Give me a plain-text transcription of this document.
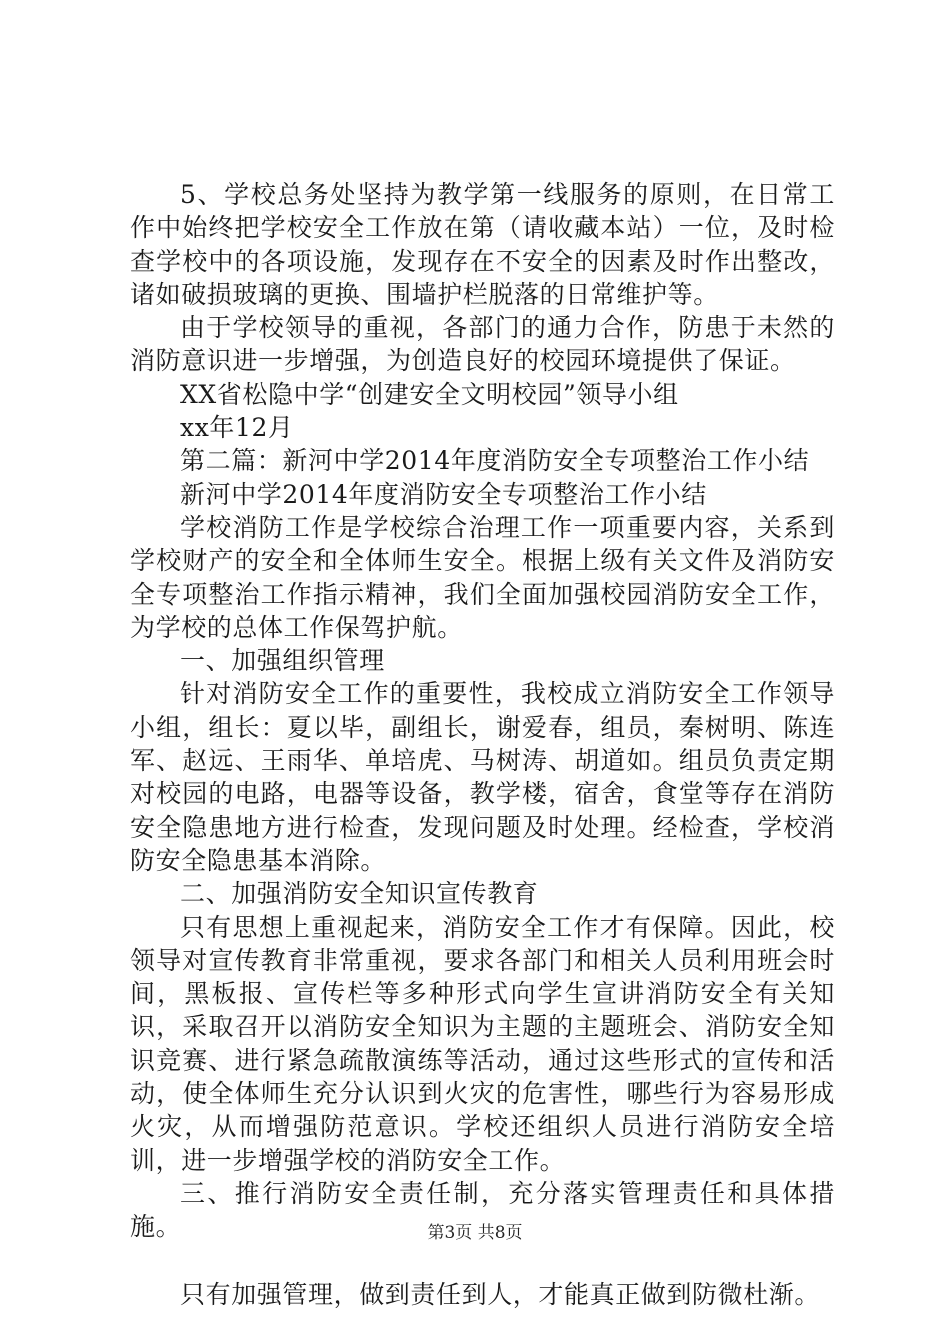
5、学校总务处坚持为教学第一线服务的原则，在日常工作中始终把学校安全工作放在第（请收藏本站）一位，及时检查学校中的各项设施，发现存在不安全的因素及时作出整改，诸如破损玻璃的更换、围墙护栏脱落的日常维护等。

由于学校领导的重视，各部门的通力合作，防患于未然的消防意识进一步增强，为创造良好的校园环境提供了保证。

XX省松隐中学“创建安全文明校园”领导小组

xx年12月

第二篇：新河中学2014年度消防安全专项整治工作小结

新河中学2014年度消防安全专项整治工作小结

学校消防工作是学校综合治理工作一项重要内容，关系到学校财产的安全和全体师生安全。根据上级有关文件及消防安全专项整治工作指示精神，我们全面加强校园消防安全工作，为学校的总体工作保驾护航。

一、加强组织管理

针对消防安全工作的重要性，我校成立消防安全工作领导小组，组长：夏以毕，副组长，谢爱春，组员，秦树明、陈连军、赵远、王雨华、单培虎、马树涛、胡道如。组员负责定期对校园的电路，电器等设备，教学楼，宿舍，食堂等存在消防安全隐患地方进行检查，发现问题及时处理。经检查，学校消防安全隐患基本消除。

二、加强消防安全知识宣传教育

只有思想上重视起来，消防安全工作才有保障。因此，校领导对宣传教育非常重视，要求各部门和相关人员利用班会时间，黑板报、宣传栏等多种形式向学生宣讲消防安全有关知识，采取召开以消防安全知识为主题的主题班会、消防安全知识竞赛、进行紧急疏散演练等活动，通过这些形式的宣传和活动，使全体师生充分认识到火灾的危害性，哪些行为容易形成火灾，从而增强防范意识。学校还组织人员进行消防安全培训，进一步增强学校的消防安全工作。

三、推行消防安全责任制，充分落实管理责任和具体措施。

只有加强管理，做到责任到人，才能真正做到防微杜渐。

第3页 共8页
